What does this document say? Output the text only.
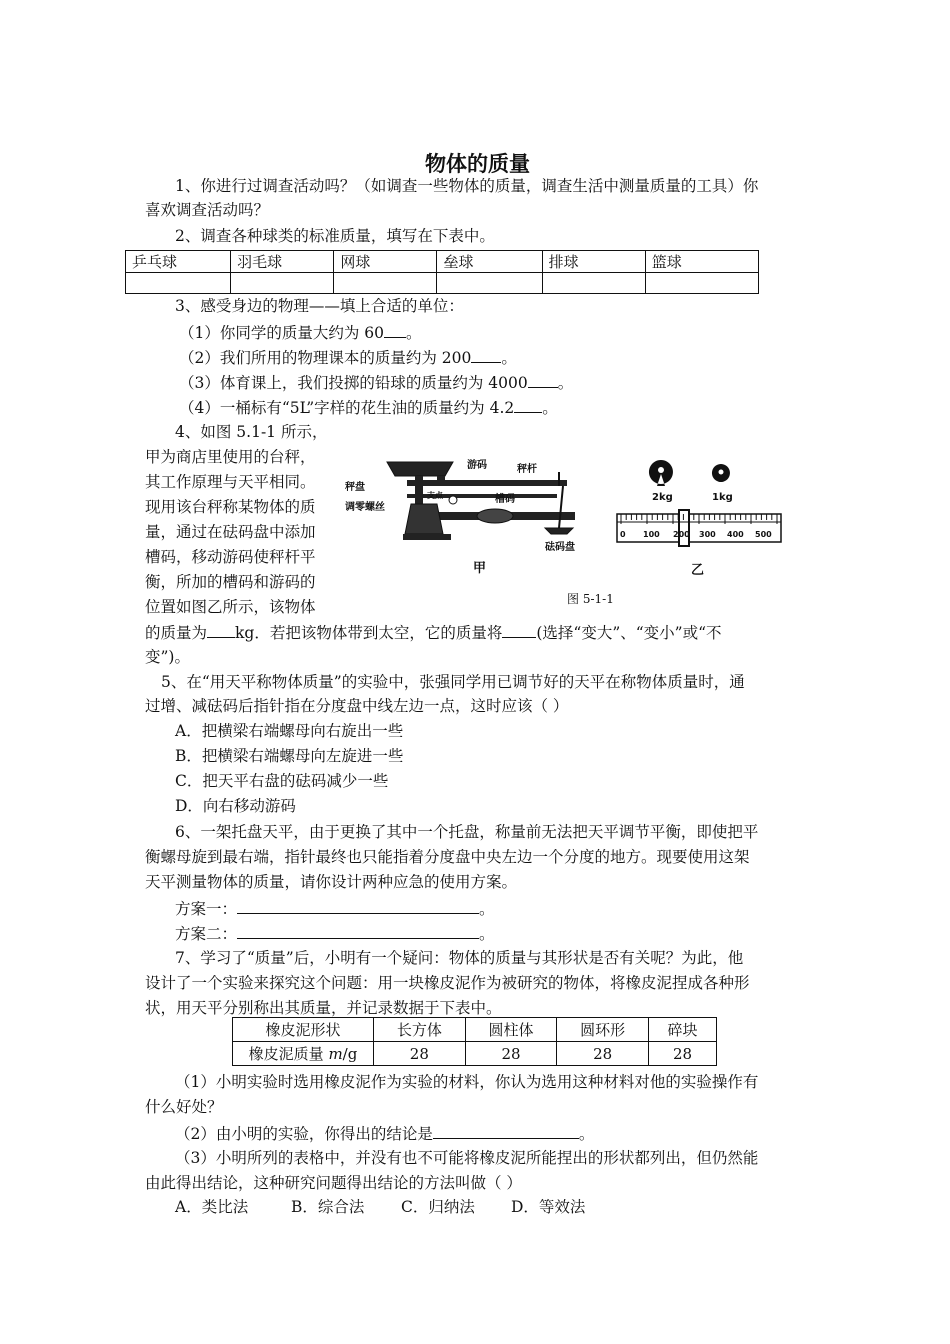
物体的质量
1、你进行过调查活动吗？（如调查一些物体的质量，调查生活中测量质量的工具）你
喜欢调查活动吗？
2、调查各种球类的标准质量，填写在下表中。
乒乓球	羽毛球	网球	垒球	排球	篮球

3、感受身边的物理——填上合适的单位：
（1）你同学的质量大约为 60 。
（2）我们所用的物理课本的质量约为 200 。
（3）体育课上，我们投掷的铅球的质量约为 4000 。
（4）一桶标有“5L”字样的花生油的质量约为 4.2 。
4、如图 5.1-1 所示，
甲为商店里使用的台秤，
其工作原理与天平相同。
现用该台秤称某物体的质
量，通过在砝码盘中添加
槽码，移动游码使秤杆平
衡，所加的槽码和游码的
位置如图乙所示，该物体
游码	秤杆
秤盘
调零螺丝
槽码
支点
砝码盘
甲
2kg	1kg
0 100 200 300 400 500
乙
图 5-1-1
的质量为 kg．若把该物体带到太空，它的质量将 (选择“变大”、“变小”或“不
变”)。
5、在“用天平称物体质量”的实验中，张强同学用已调节好的天平在称物体质量时，通
过增、减砝码后指针指在分度盘中线左边一点，这时应该（ ）
A．把横梁右端螺母向右旋出一些
B．把横梁右端螺母向左旋进一些
C．把天平右盘的砝码减少一些
D．向右移动游码
6、一架托盘天平，由于更换了其中一个托盘，称量前无法把天平调节平衡，即使把平
衡螺母旋到最右端，指针最终也只能指着分度盘中央左边一个分度的地方。现要使用这架
天平测量物体的质量，请你设计两种应急的使用方案。
方案一：	。
方案二：	。
7、学习了“质量”后，小明有一个疑问：物体的质量与其形状是否有关呢？为此，他
设计了一个实验来探究这个问题：用一块橡皮泥作为被研究的物体，将橡皮泥捏成各种形
状，用天平分别称出其质量，并记录数据于下表中。
橡皮泥形状	长方体	圆柱体	圆环形	碎块
橡皮泥质量 m/g	28	28	28	28
（1）小明实验时选用橡皮泥作为实验的材料，你认为选用这种材料对他的实验操作有
什么好处？
（2）由小明的实验，你得出的结论是	。
（3）小明所列的表格中，并没有也不可能将橡皮泥所能捏出的形状都列出，但仍然能
由此得出结论，这种研究问题得出结论的方法叫做（ ）
A．类比法	B．综合法 C．归纳法 D．等效法
